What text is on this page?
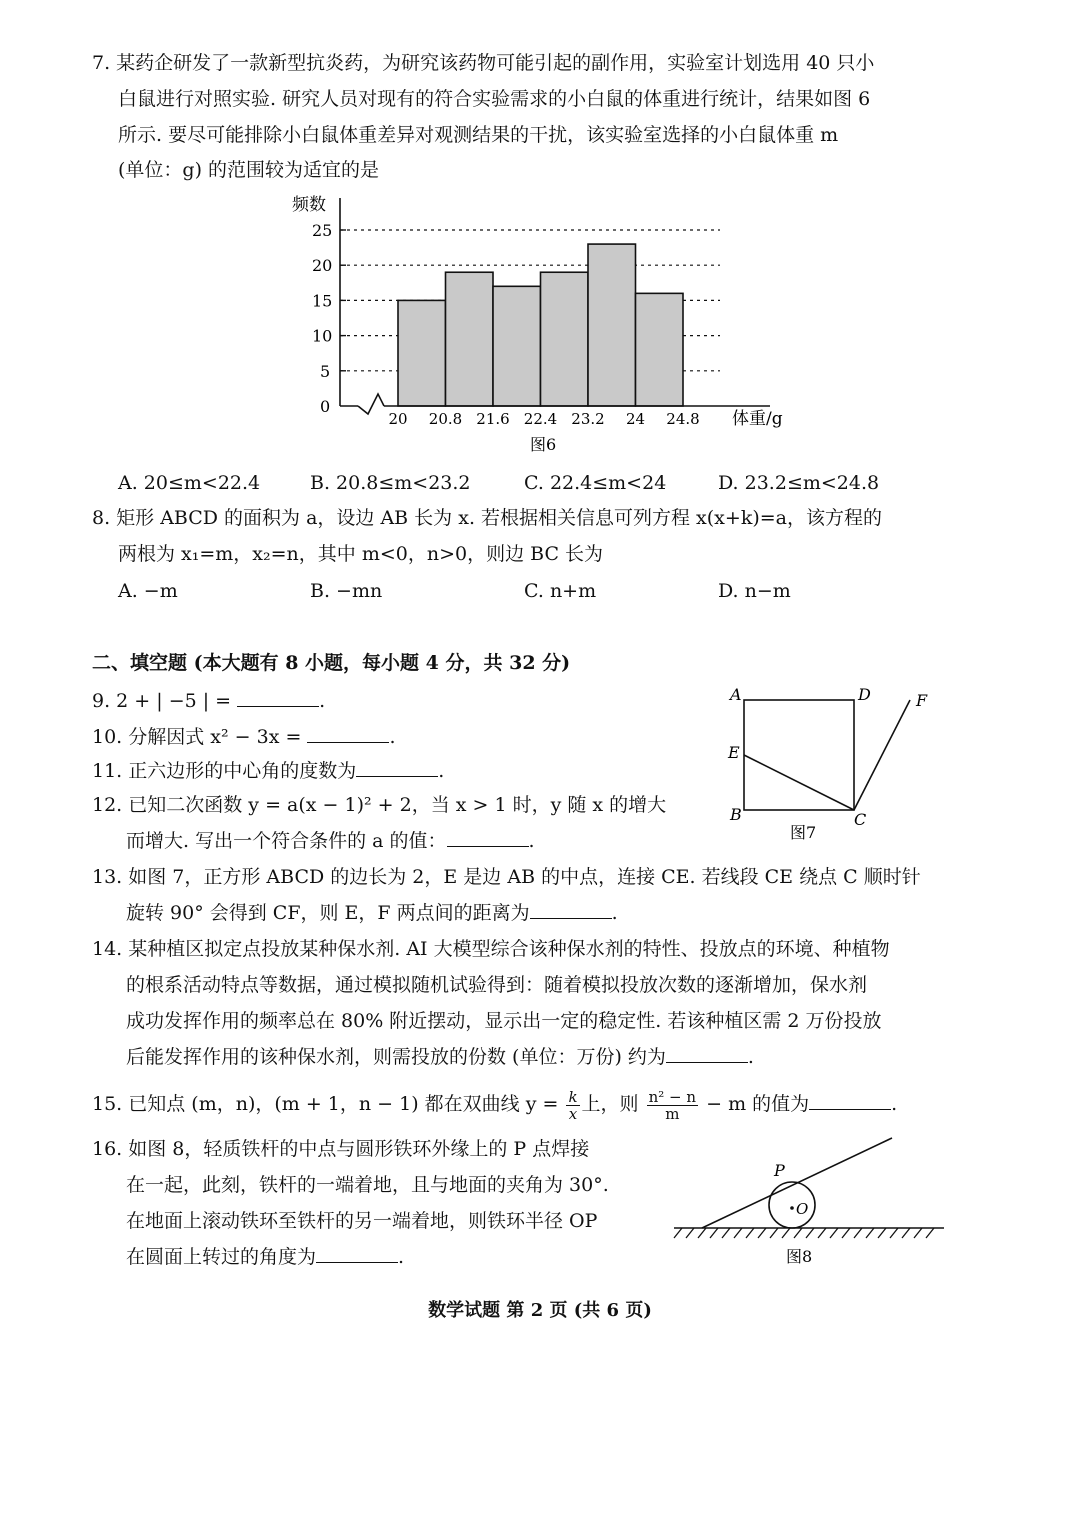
7. 某药企研发了一款新型抗炎药，为研究该药物可能引起的副作用，实验室计划选用 40 只小
白鼠进行对照实验. 研究人员对现有的符合实验需求的小白鼠的体重进行统计，结果如图 6
所示. 要尽可能排除小白鼠体重差异对观测结果的干扰，该实验室选择的小白鼠体重 m
(单位：g) 的范围较为适宜的是
0
5
10
15
20
25
20 20.8 21.6 22.4 23.2 24 24.8
频数
体重/g
图6
A. 20≤m<22.4	B. 20.8≤m<23.2	C. 22.4≤m<24	D. 23.2≤m<24.8
8. 矩形 ABCD 的面积为 a，设边 AB 长为 x. 若根据相关信息可列方程 x(x+k)=a，该方程的
两根为 x₁=m，x₂=n，其中 m<0，n>0，则边 BC 长为
A. −m	B. −mn	C. n+m	D. n−m
二、填空题 (本大题有 8 小题，每小题 4 分，共 32 分)
9. 2 + | −5 | =	.
10. 分解因式 x² − 3x =	.
11. 正六边形的中心角的度数为	.
12. 已知二次函数 y = a(x − 1)² + 2，当 x > 1 时，y 随 x 的增大
而增大. 写出一个符合条件的 a 的值：	.
A	D	F
E
B	C
图7
13. 如图 7，正方形 ABCD 的边长为 2，E 是边 AB 的中点，连接 CE. 若线段 CE 绕点 C 顺时针
旋转 90° 会得到 CF，则 E，F 两点间的距离为	.
14. 某种植区拟定点投放某种保水剂. AI 大模型综合该种保水剂的特性、投放点的环境、种植物
的根系活动特点等数据，通过模拟随机试验得到：随着模拟投放次数的逐渐增加，保水剂
成功发挥作用的频率总在 80% 附近摆动，显示出一定的稳定性. 若该种植区需 2 万份投放
后能发挥作用的该种保水剂，则需投放的份数 (单位：万份) 约为	.
15. 已知点 (m，n)，(m + 1，n − 1) 都在双曲线 $y = \frac{k}{x}$ 上，则 $\frac{\text{n² − n}}{m} - m$ 的值为	.
16. 如图 8，轻质铁杆的中点与圆形铁环外缘上的 P 点焊接
在一起，此刻，铁杆的一端着地，且与地面的夹角为 30°.
在地面上滚动铁环至铁杆的另一端着地，则铁环半径 OP
在圆面上转过的角度为	.
P
O
图8
数学试题 第 2 页 (共 6 页)
